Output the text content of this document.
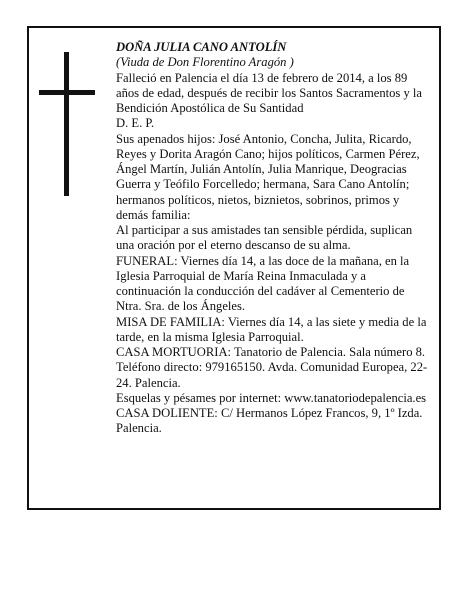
DOÑA JULIA CANO ANTOLÍN

(Viuda de Don Florentino Aragón )

Falleció en Palencia el día 13 de febrero de 2014, a los 89 años de edad, después de recibir los Santos Sacramentos y la Bendición Apostólica de Su Santidad

D. E. P.

Sus apenados hijos: José Antonio, Concha, Julita, Ricardo, Reyes y Dorita Aragón Cano; hijos políticos, Carmen Pérez, Ángel Martín, Julián Antolín, Julia Manrique, Deogracias Guerra y Teófilo Forcelledo; hermana, Sara Cano Antolín; hermanos políticos, nietos, biznietos, sobrinos, primos y demás familia:

Al participar a sus amistades tan sensible pérdida, suplican una oración por el eterno descanso de su alma.

FUNERAL: Viernes día 14, a las doce de la mañana, en la Iglesia Parroquial de María Reina Inmaculada y a continuación la conducción del cadáver al Cementerio de Ntra. Sra. de los Ángeles.

MISA DE FAMILIA: Viernes día 14, a las siete y media de la tarde, en la misma Iglesia Parroquial.

CASA MORTUORIA: Tanatorio de Palencia. Sala número 8. Teléfono directo: 979165150. Avda. Comunidad Europea, 22-24. Palencia.

Esquelas y pésames por internet: www.tanatoriodepalencia.es

CASA DOLIENTE: C/ Hermanos López Francos, 9, 1º Izda. Palencia.
